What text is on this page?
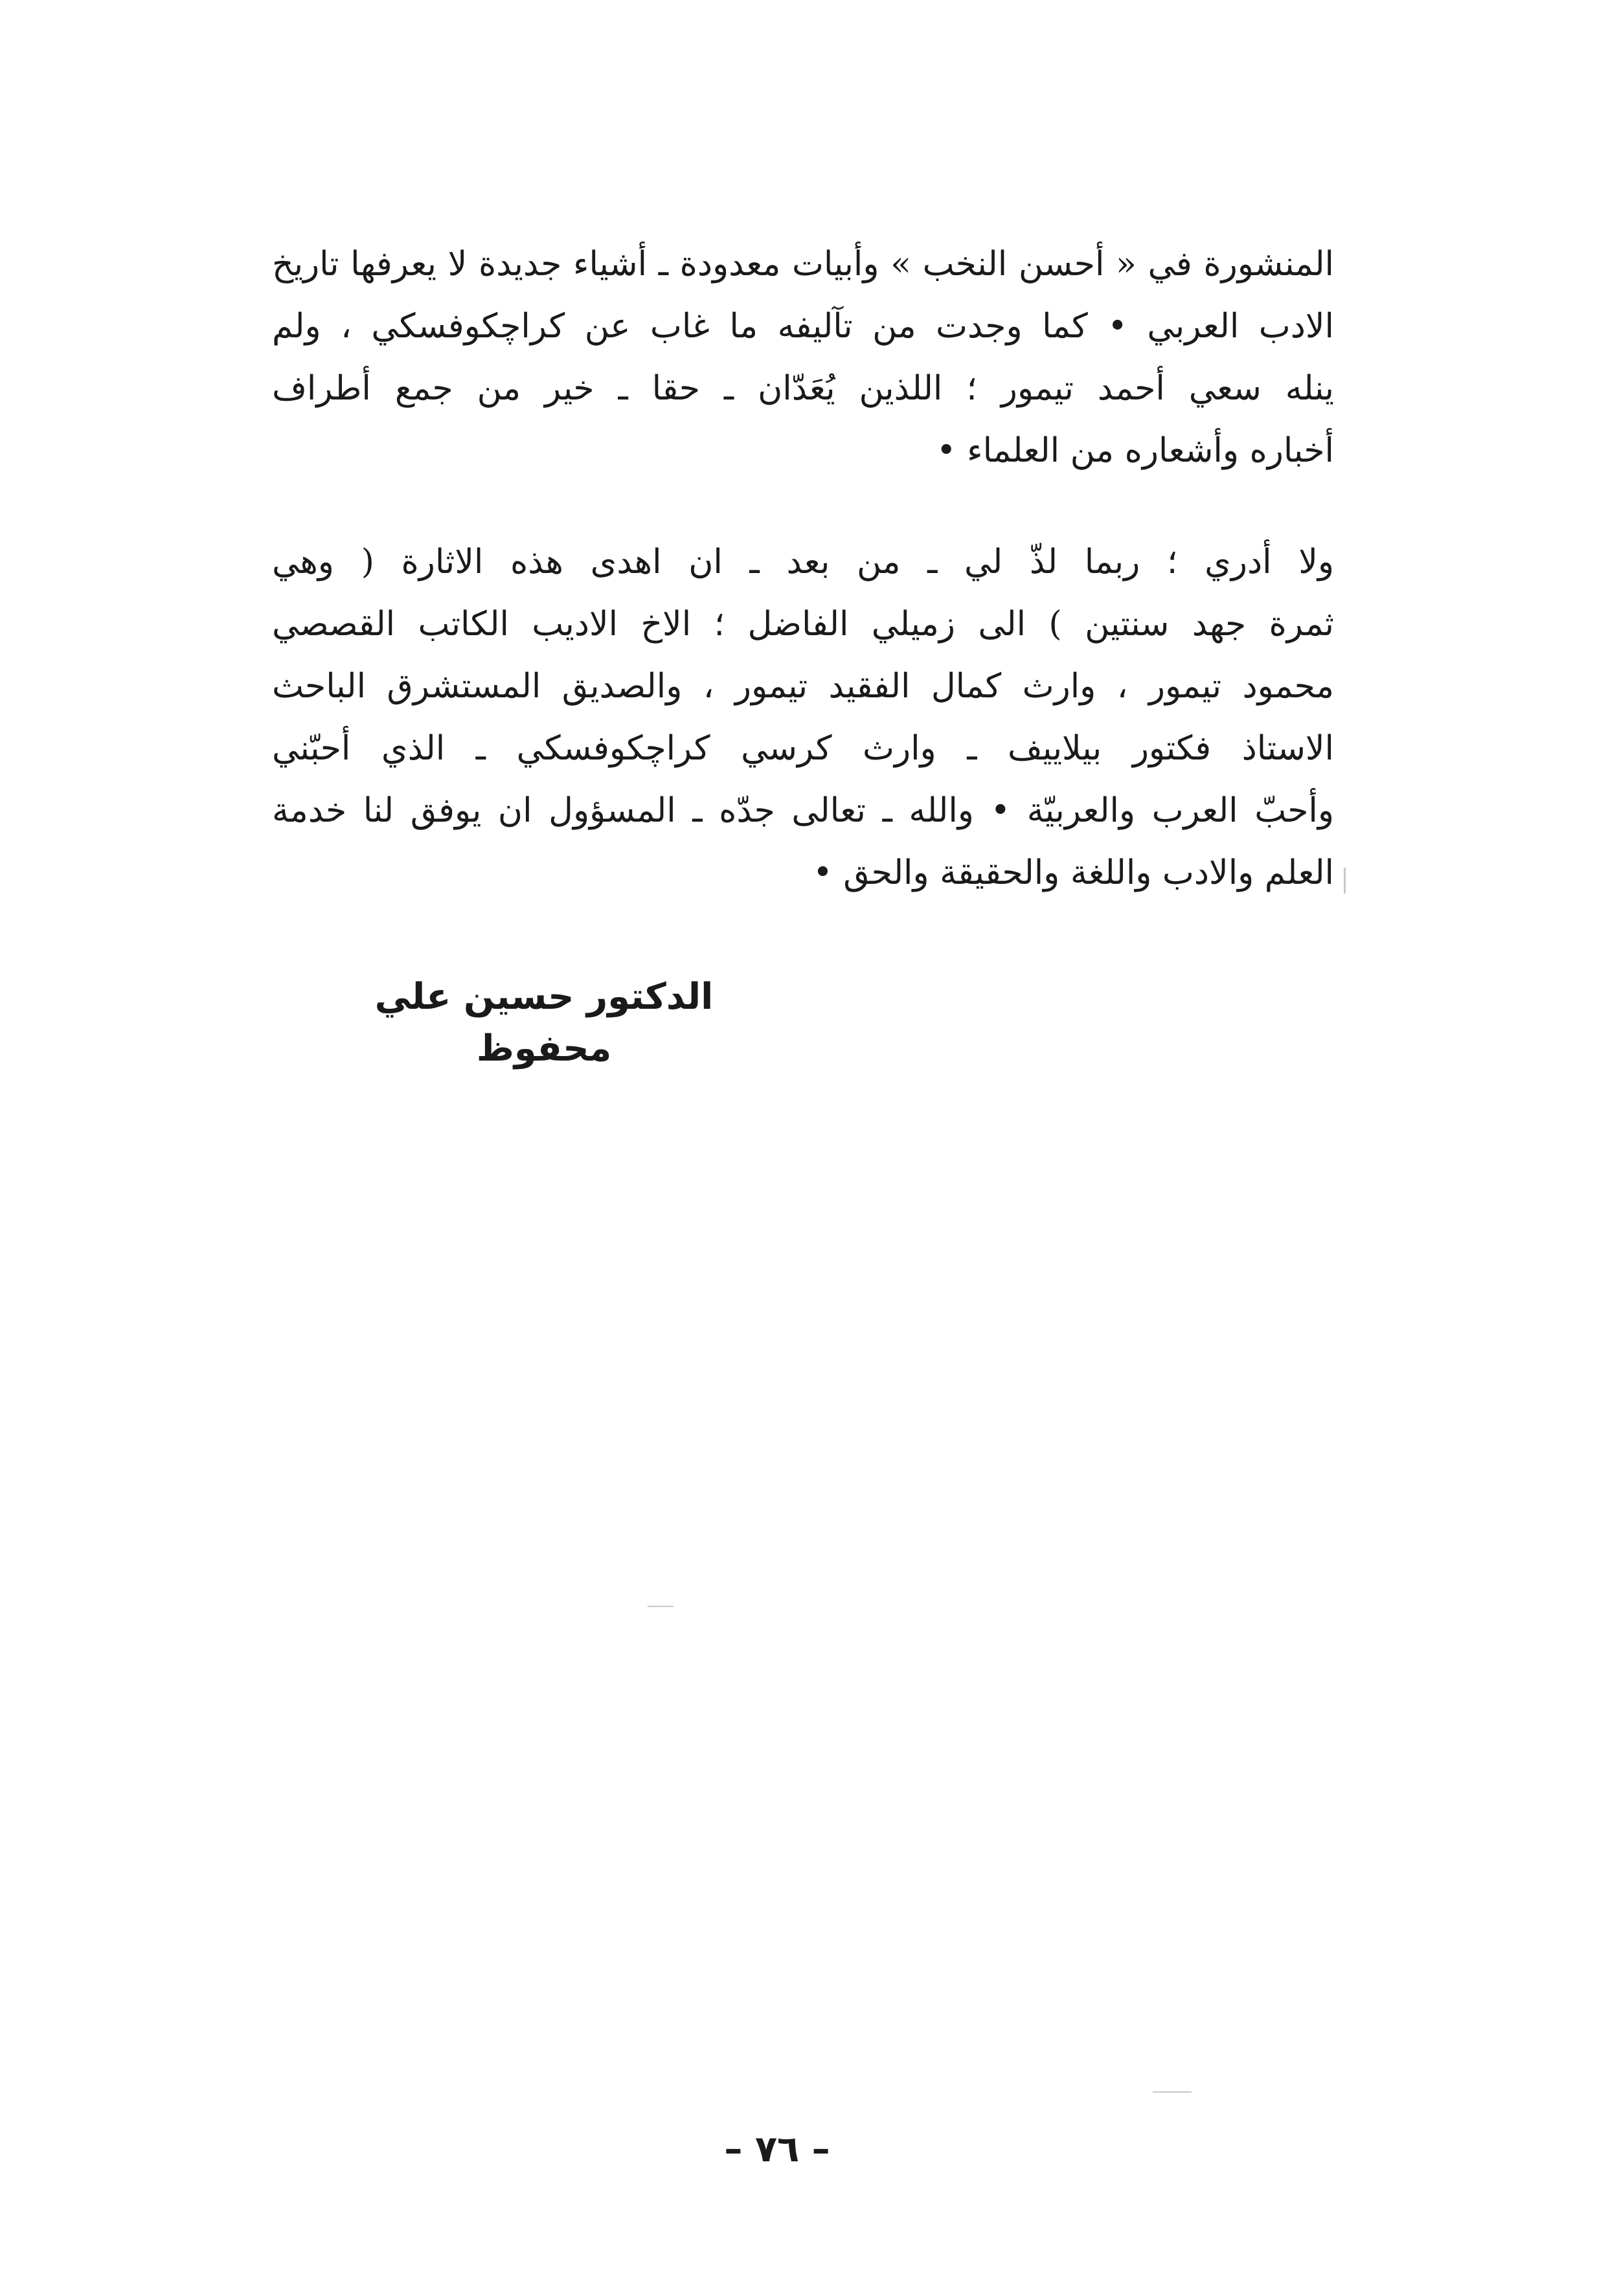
المنشورة في « أحسن النخب » وأبيات معدودة ـ أشياء جديدة لا يعرفها تاريخ
الادب العربي • كما وجدت من تآليفه ما غاب عن كراچكوفسكي ، ولم
ينله سعي أحمد تيمور ؛ اللذين يُعَدّان ـ حقا ـ خير من جمع أطراف
أخباره وأشعاره من العلماء •
ولا أدري ؛ ربما لذّ لي ـ من بعد ـ ان اهدى هذه الاثارة ( وهي
ثمرة جهد سنتين ) الى زميلي الفاضل ؛ الاخ الاديب الكاتب القصصي
محمود تيمور ، وارث كمال الفقيد تيمور ، والصديق المستشرق الباحث
الاستاذ فكتور بيلاييف ـ وارث كرسي كراچكوفسكي ـ الذي أحبّني
وأحبّ العرب والعربيّة • والله ـ تعالى جدّه ـ المسؤول ان يوفق لنا خدمة
العلم والادب واللغة والحقيقة والحق •
الدكتور حسين علي محفوظ
– ٧٦ –
